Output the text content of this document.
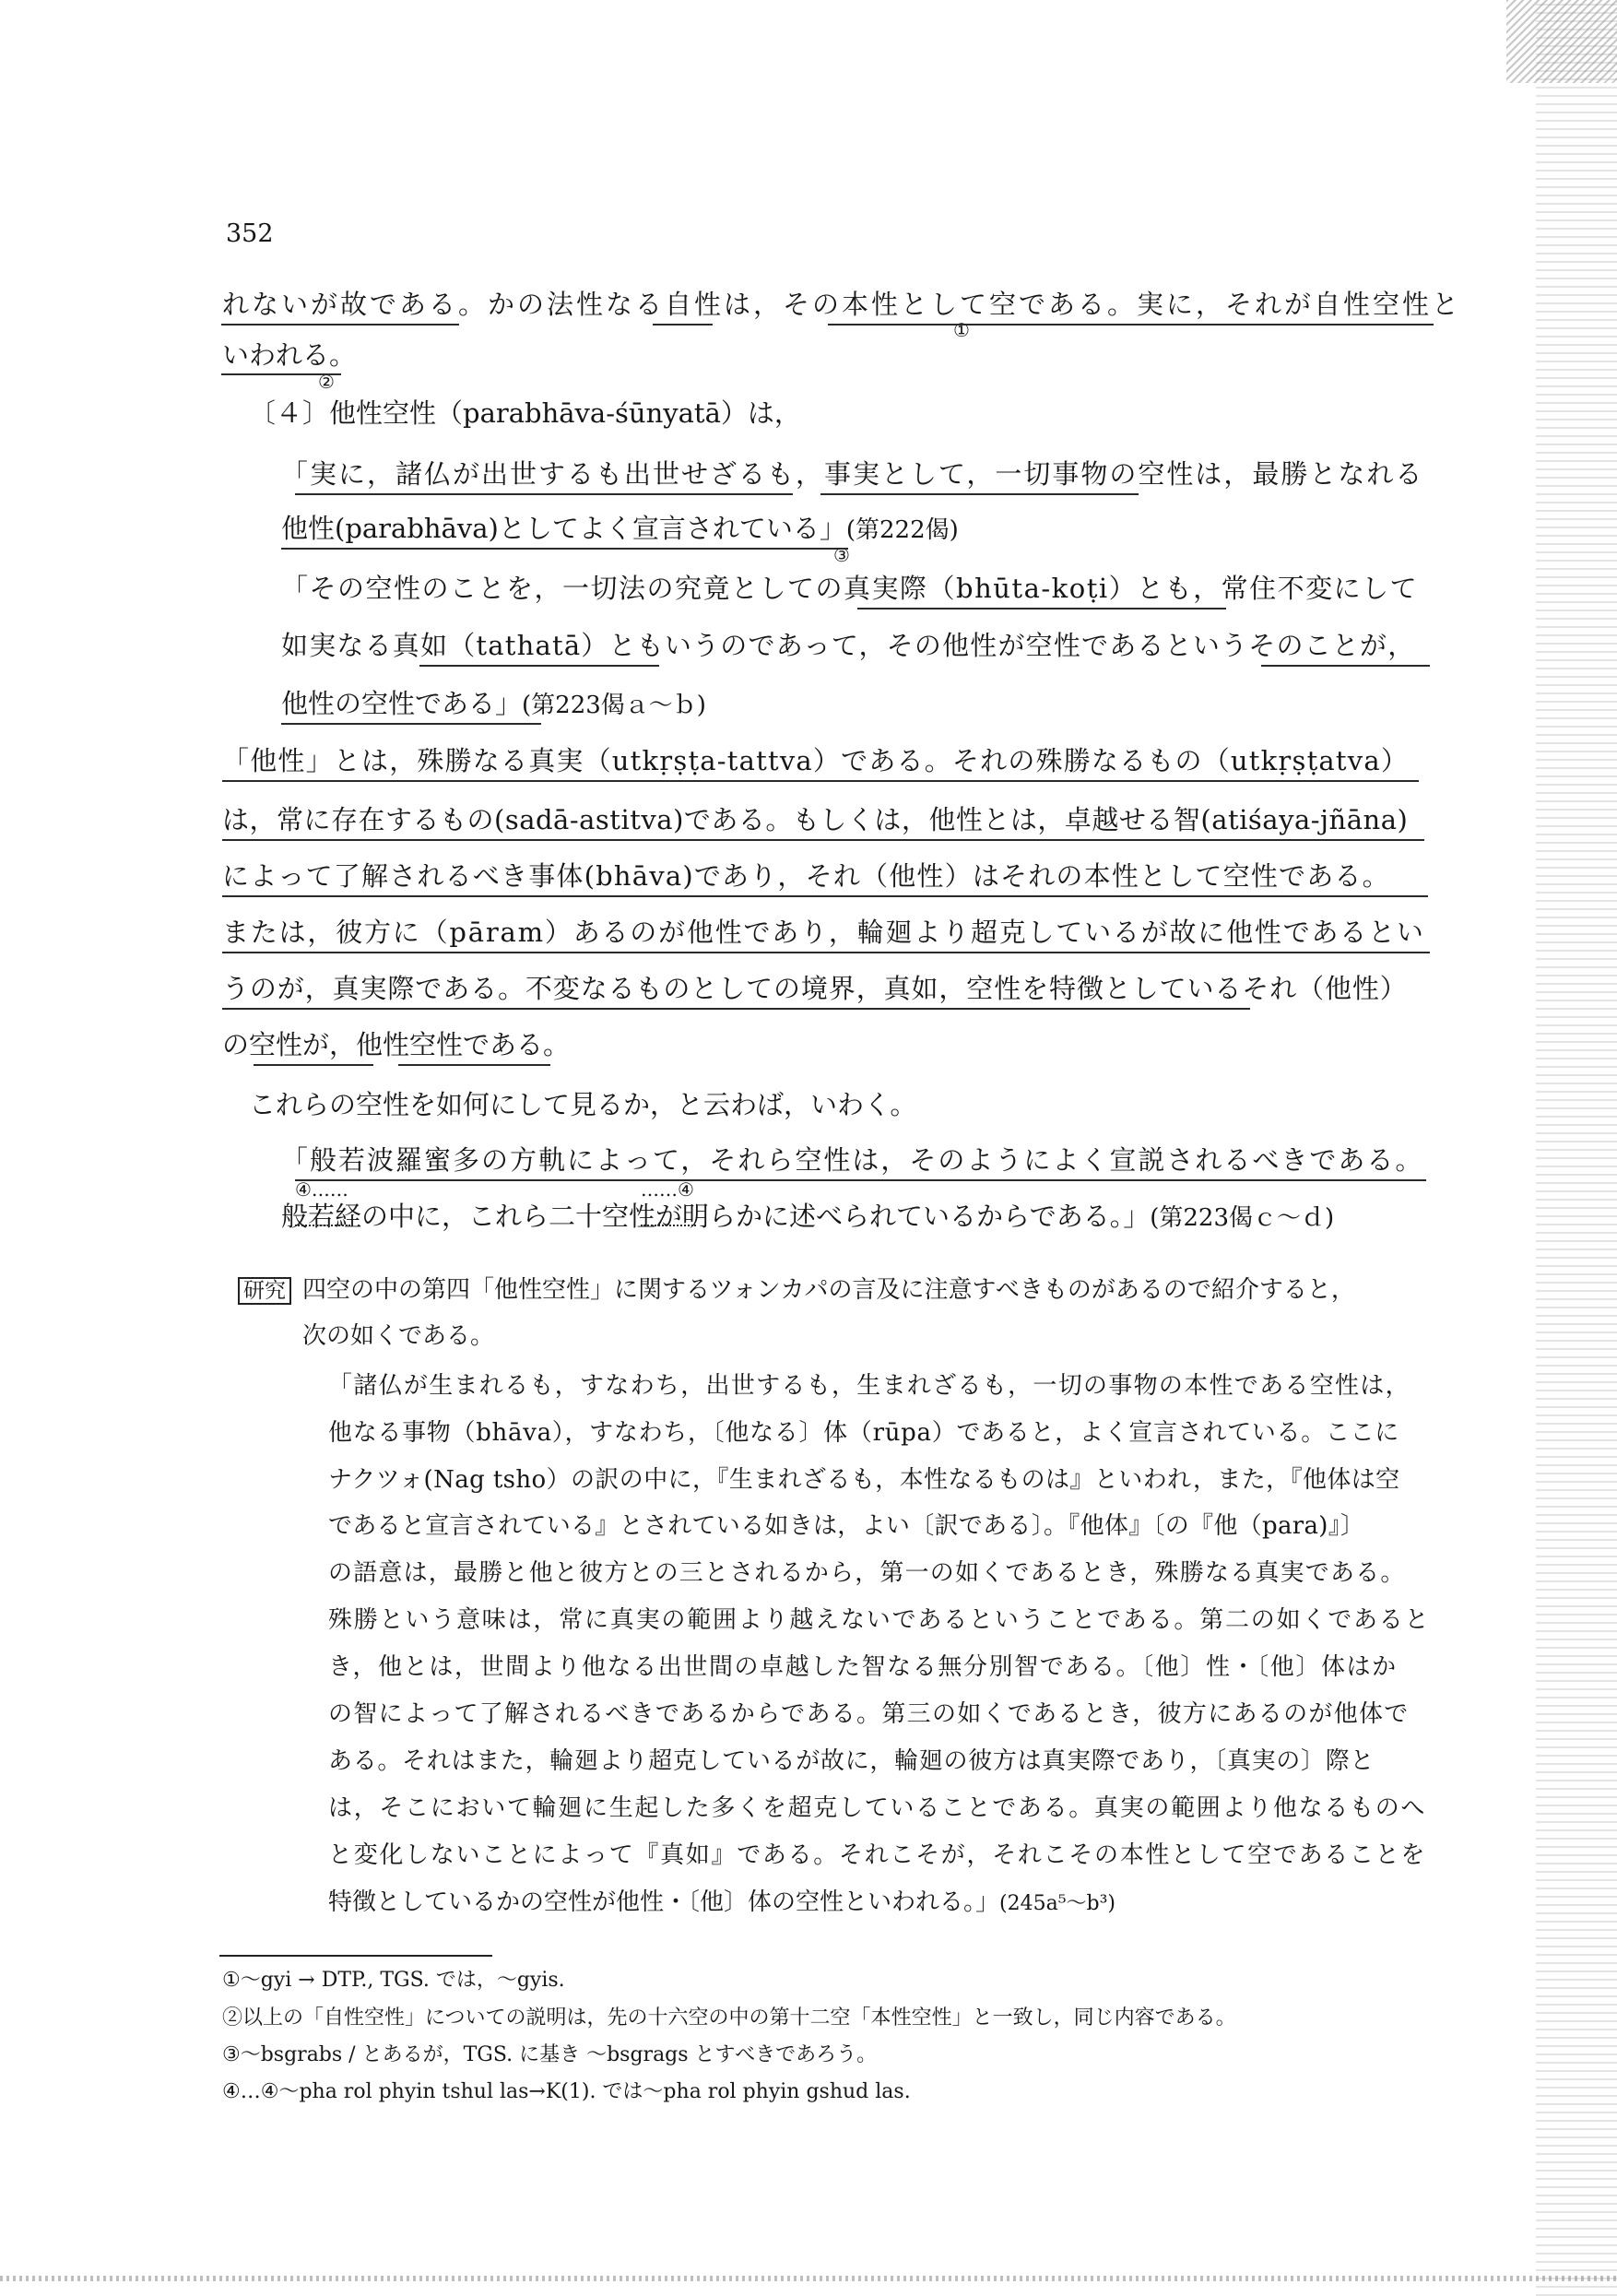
352
れないが故である。かの法性なる自性は，その本性として空である。実に，それが自性空性と
いわれる。
〔４〕他性空性（parabhāva-śūnyatā）は，
「実に，諸仏が出世するも出世せざるも，事実として，一切事物の空性は，最勝となれる
他性(parabhāva)としてよく宣言されている」(第222偈)
「その空性のことを，一切法の究竟としての真実際（bhūta-koṭi）とも，常住不変にして
如実なる真如（tathatā）ともいうのであって，その他性が空性であるというそのことが，
他性の空性である」(第223偈ａ～ｂ)
「他性」とは，殊勝なる真実（utkṛṣṭa-tattva）である。それの殊勝なるもの（utkṛṣṭatva）
は，常に存在するもの(sadā-astitva)である。もしくは，他性とは，卓越せる智(atiśaya-jñāna)
によって了解されるべき事体(bhāva)であり，それ（他性）はそれの本性として空性である。
または，彼方に（pāram）あるのが他性であり，輪廻より超克しているが故に他性であるとい
うのが，真実際である。不変なるものとしての境界，真如，空性を特徴としているそれ（他性）
の空性が，他性空性である。
これらの空性を如何にして見るか，と云わば，いわく。
「般若波羅蜜多の方軌によって，それら空性は，そのようによく宣説されるべきである。
般若経の中に，これら二十空性が明らかに述べられているからである。」(第223偈ｃ～ｄ)
研究 四空の中の第四「他性空性」に関するツォンカパの言及に注意すべきものがあるので紹介すると，
次の如くである。
「諸仏が生まれるも，すなわち，出世するも，生まれざるも，一切の事物の本性である空性は，
他なる事物（bhāva），すなわち，〔他なる〕体（rūpa）であると，よく宣言されている。ここに
ナクツォ(Nag tsho）の訳の中に，『生まれざるも，本性なるものは』といわれ，また，『他体は空
であると宣言されている』とされている如きは，よい〔訳である〕。『他体』〔の『他（para)』〕
の語意は，最勝と他と彼方との三とされるから，第一の如くであるとき，殊勝なる真実である。
殊勝という意味は，常に真実の範囲より越えないであるということである。第二の如くであると
き，他とは，世間より他なる出世間の卓越した智なる無分別智である。〔他〕性・〔他〕体はか
の智によって了解されるべきであるからである。第三の如くであるとき，彼方にあるのが他体で
ある。それはまた，輪廻より超克しているが故に，輪廻の彼方は真実際であり，〔真実の〕際と
は，そこにおいて輪廻に生起した多くを超克していることである。真実の範囲より他なるものへ
と変化しないことによって『真如』である。それこそが，それこその本性として空であることを
特徴としているかの空性が他性・〔他〕体の空性といわれる。」(245a⁵～b³)
①～gyi → DTP., TGS. では，～gyis.
②以上の「自性空性」についての説明は，先の十六空の中の第十二空「本性空性」と一致し，同じ内容である。
③～bsgrabs / とあるが，TGS. に基き ～bsgrags とすべきであろう。
④…④～pha rol phyin tshul las→K(1). では～pha rol phyin gshud las.
①
②
③
④……	……④
